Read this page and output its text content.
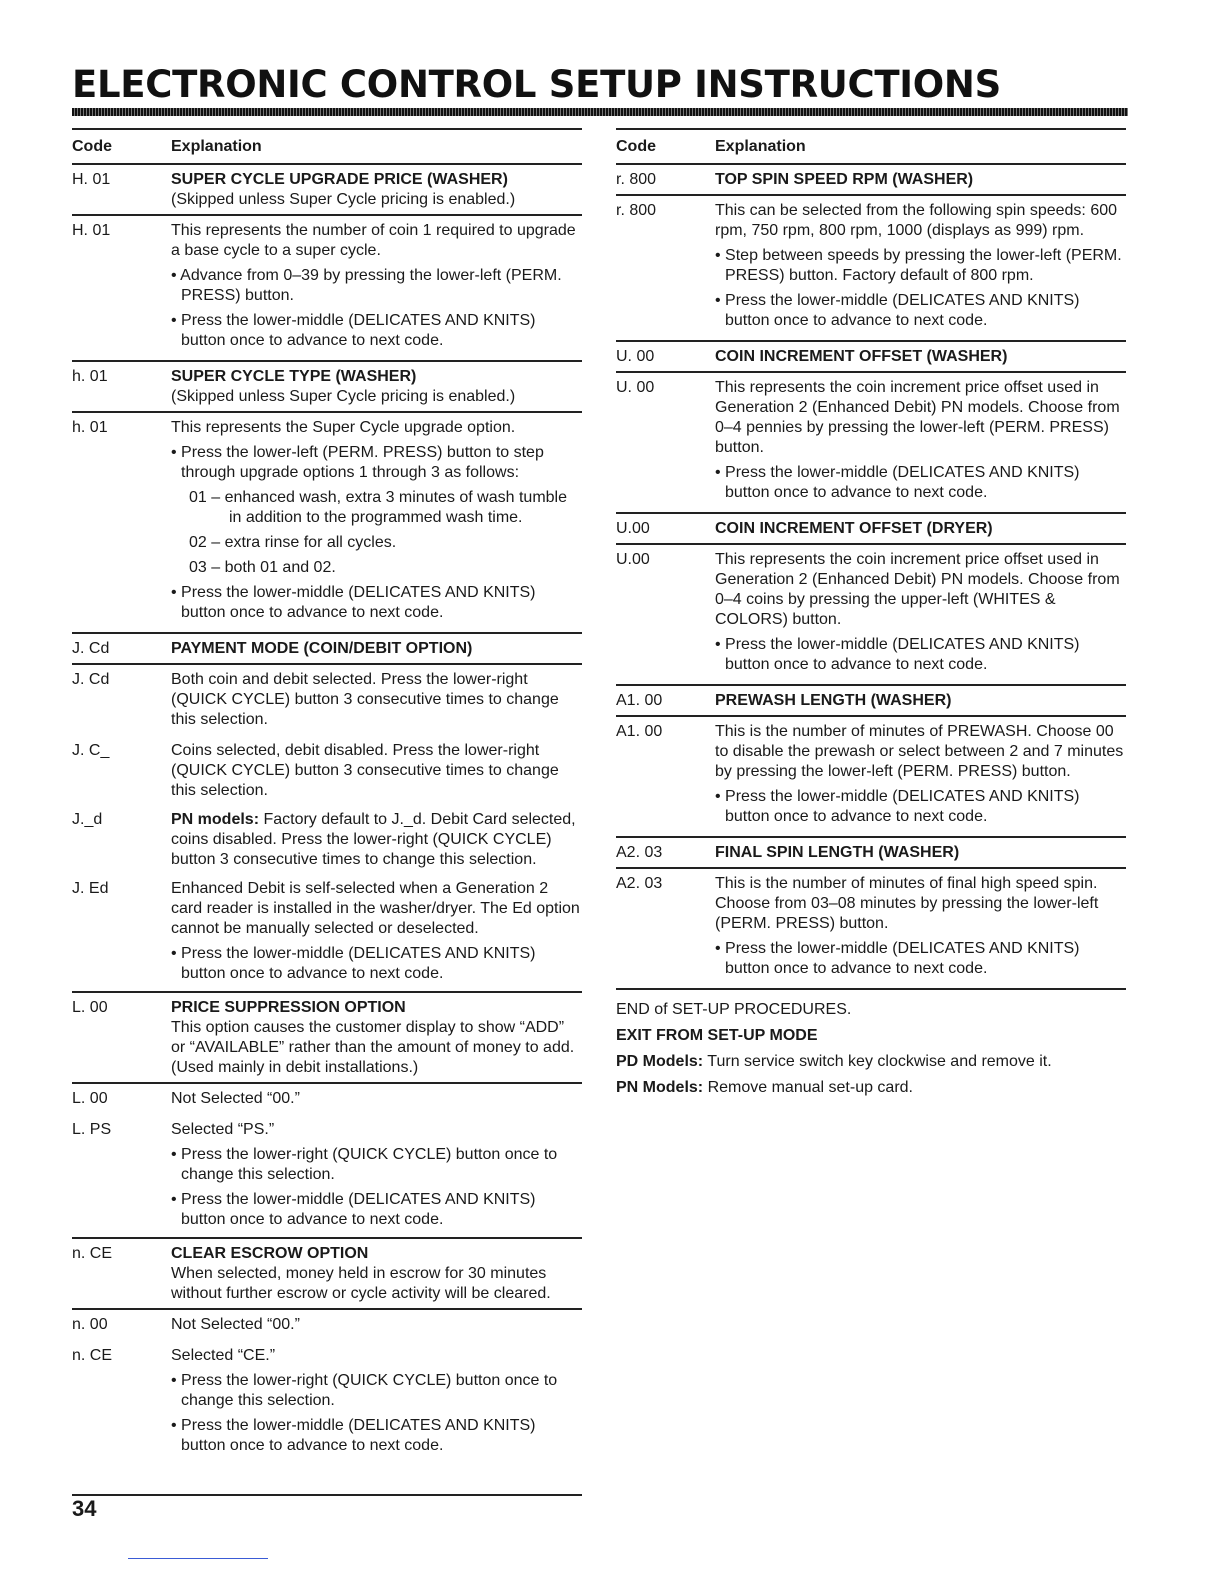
ELECTRONIC CONTROL SETUP INSTRUCTIONS
Code	Explanation
H. 01	SUPER CYCLE UPGRADE PRICE (WASHER)
(Skipped unless Super Cycle pricing is enabled.)
H. 01	This represents the number of coin 1 required to upgrade a base cycle to a super cycle.

• Advance from 0–39 by pressing the lower-left (PERM. PRESS) button.
• Press the lower-middle (DELICATES AND KNITS) button once to advance to next code.
h. 01	SUPER CYCLE TYPE (WASHER)
(Skipped unless Super Cycle pricing is enabled.)
h. 01	This represents the Super Cycle upgrade option.

• Press the lower-left (PERM. PRESS) button to step through upgrade options 1 through 3 as follows:
01 – enhanced wash, extra 3 minutes of wash tumble in addition to the programmed wash time.
02 – extra rinse for all cycles.
03 – both 01 and 02.
• Press the lower-middle (DELICATES AND KNITS) button once to advance to next code.
J. Cd	PAYMENT MODE (COIN/DEBIT OPTION)
J. Cd	Both coin and debit selected. Press the lower-right (QUICK CYCLE) button 3 consecutive times to change this selection.

J. C_	Coins selected, debit disabled. Press the lower-right (QUICK CYCLE) button 3 consecutive times to change this selection.

J._d	PN models: Factory default to J._d. Debit Card selected, coins disabled. Press the lower-right (QUICK CYCLE) button 3 consecutive times to change this selection.

J. Ed	Enhanced Debit is self-selected when a Generation 2 card reader is installed in the washer/dryer. The Ed option cannot be manually selected or deselected.

• Press the lower-middle (DELICATES AND KNITS) button once to advance to next code.
L. 00	PRICE SUPPRESSION OPTION
This option causes the customer display to show “ADD” or “AVAILABLE” rather than the amount of money to add. (Used mainly in debit installations.)
L. 00	Not Selected “00.”

L. PS	Selected “PS.”

• Press the lower-right (QUICK CYCLE) button once to change this selection.
• Press the lower-middle (DELICATES AND KNITS) button once to advance to next code.
n. CE	CLEAR ESCROW OPTION
When selected, money held in escrow for 30 minutes without further escrow or cycle activity will be cleared.
n. 00	Not Selected “00.”

n. CE	Selected “CE.”

• Press the lower-right (QUICK CYCLE) button once to change this selection.
• Press the lower-middle (DELICATES AND KNITS) button once to advance to next code.
34
Code	Explanation
r. 800	TOP SPIN SPEED RPM (WASHER)
r. 800	This can be selected from the following spin speeds: 600 rpm, 750 rpm, 800 rpm, 1000 (displays as 999) rpm.

• Step between speeds by pressing the lower-left (PERM. PRESS) button. Factory default of 800 rpm.
• Press the lower-middle (DELICATES AND KNITS) button once to advance to next code.
U. 00	COIN INCREMENT OFFSET (WASHER)
U. 00	This represents the coin increment price offset used in Generation 2 (Enhanced Debit) PN models. Choose from 0–4 pennies by pressing the lower-left (PERM. PRESS) button.

• Press the lower-middle (DELICATES AND KNITS) button once to advance to next code.
U.00	COIN INCREMENT OFFSET (DRYER)
U.00	This represents the coin increment price offset used in Generation 2 (Enhanced Debit) PN models. Choose from 0–4 coins by pressing the upper-left (WHITES & COLORS) button.

• Press the lower-middle (DELICATES AND KNITS) button once to advance to next code.
A1. 00	PREWASH LENGTH (WASHER)
A1. 00	This is the number of minutes of PREWASH. Choose 00 to disable the prewash or select between 2 and 7 minutes by pressing the lower-left (PERM. PRESS) button.

• Press the lower-middle (DELICATES AND KNITS) button once to advance to next code.
A2. 03	FINAL SPIN LENGTH (WASHER)
A2. 03	This is the number of minutes of final high speed spin. Choose from 03–08 minutes by pressing the lower-left (PERM. PRESS) button.

• Press the lower-middle (DELICATES AND KNITS) button once to advance to next code.

END of SET-UP PROCEDURES.

EXIT FROM SET-UP MODE

PD Models: Turn service switch key clockwise and remove it.

PN Models: Remove manual set-up card.
